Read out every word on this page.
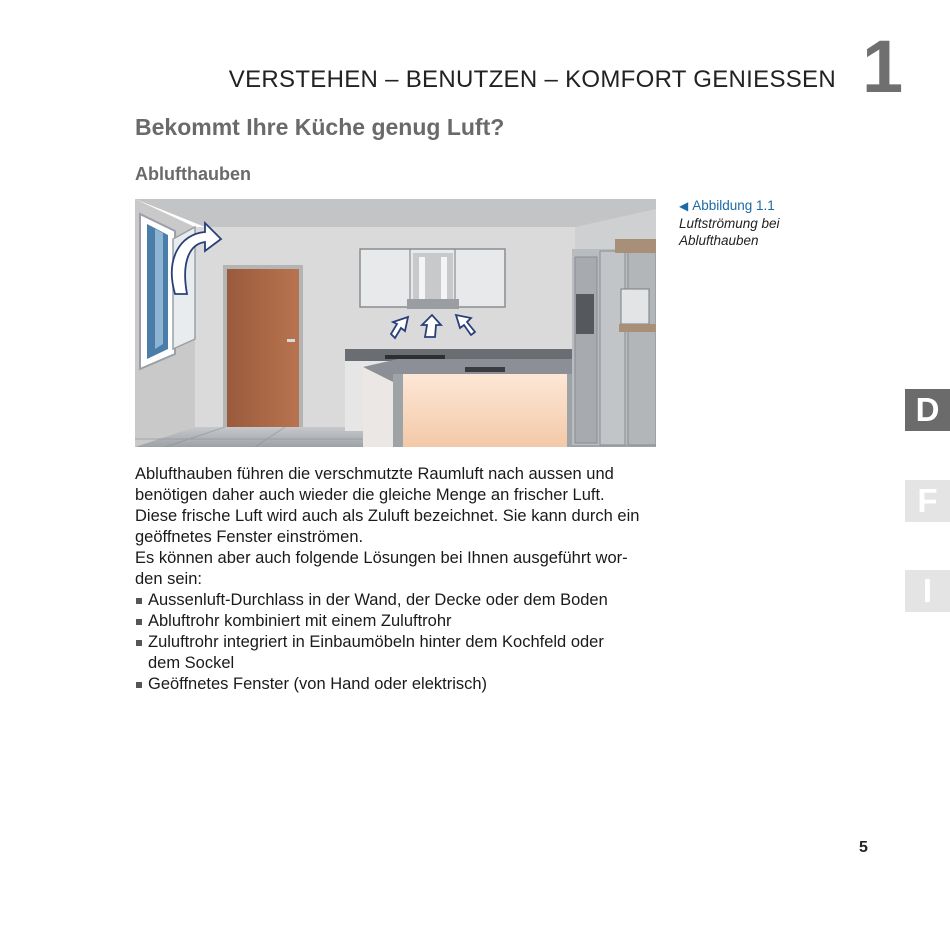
VERSTEHEN – BENUTZEN – KOMFORT GENIESSEN 1
Bekommt Ihre Küche genug Luft?
Ablufthauben
◀ Abbildung 1.1
Luftströmung bei
Ablufthauben

Ablufthauben führen die verschmutzte Raumluft nach aussen und

benötigen daher auch wieder die gleiche Menge an frischer Luft.

Diese frische Luft wird auch als Zuluft bezeichnet. Sie kann durch ein

geöffnetes Fenster einströmen.

Es können aber auch folgende Lösungen bei Ihnen ausgeführt wor-

den sein:

Aussenluft-Durchlass in der Wand, der Decke oder dem Boden
Abluftrohr kombiniert mit einem Zuluftrohr
Zuluftrohr integriert in Einbaumöbeln hinter dem Kochfeld oder
dem Sockel
Geöffnetes Fenster (von Hand oder elektrisch)
D
F
I
5
